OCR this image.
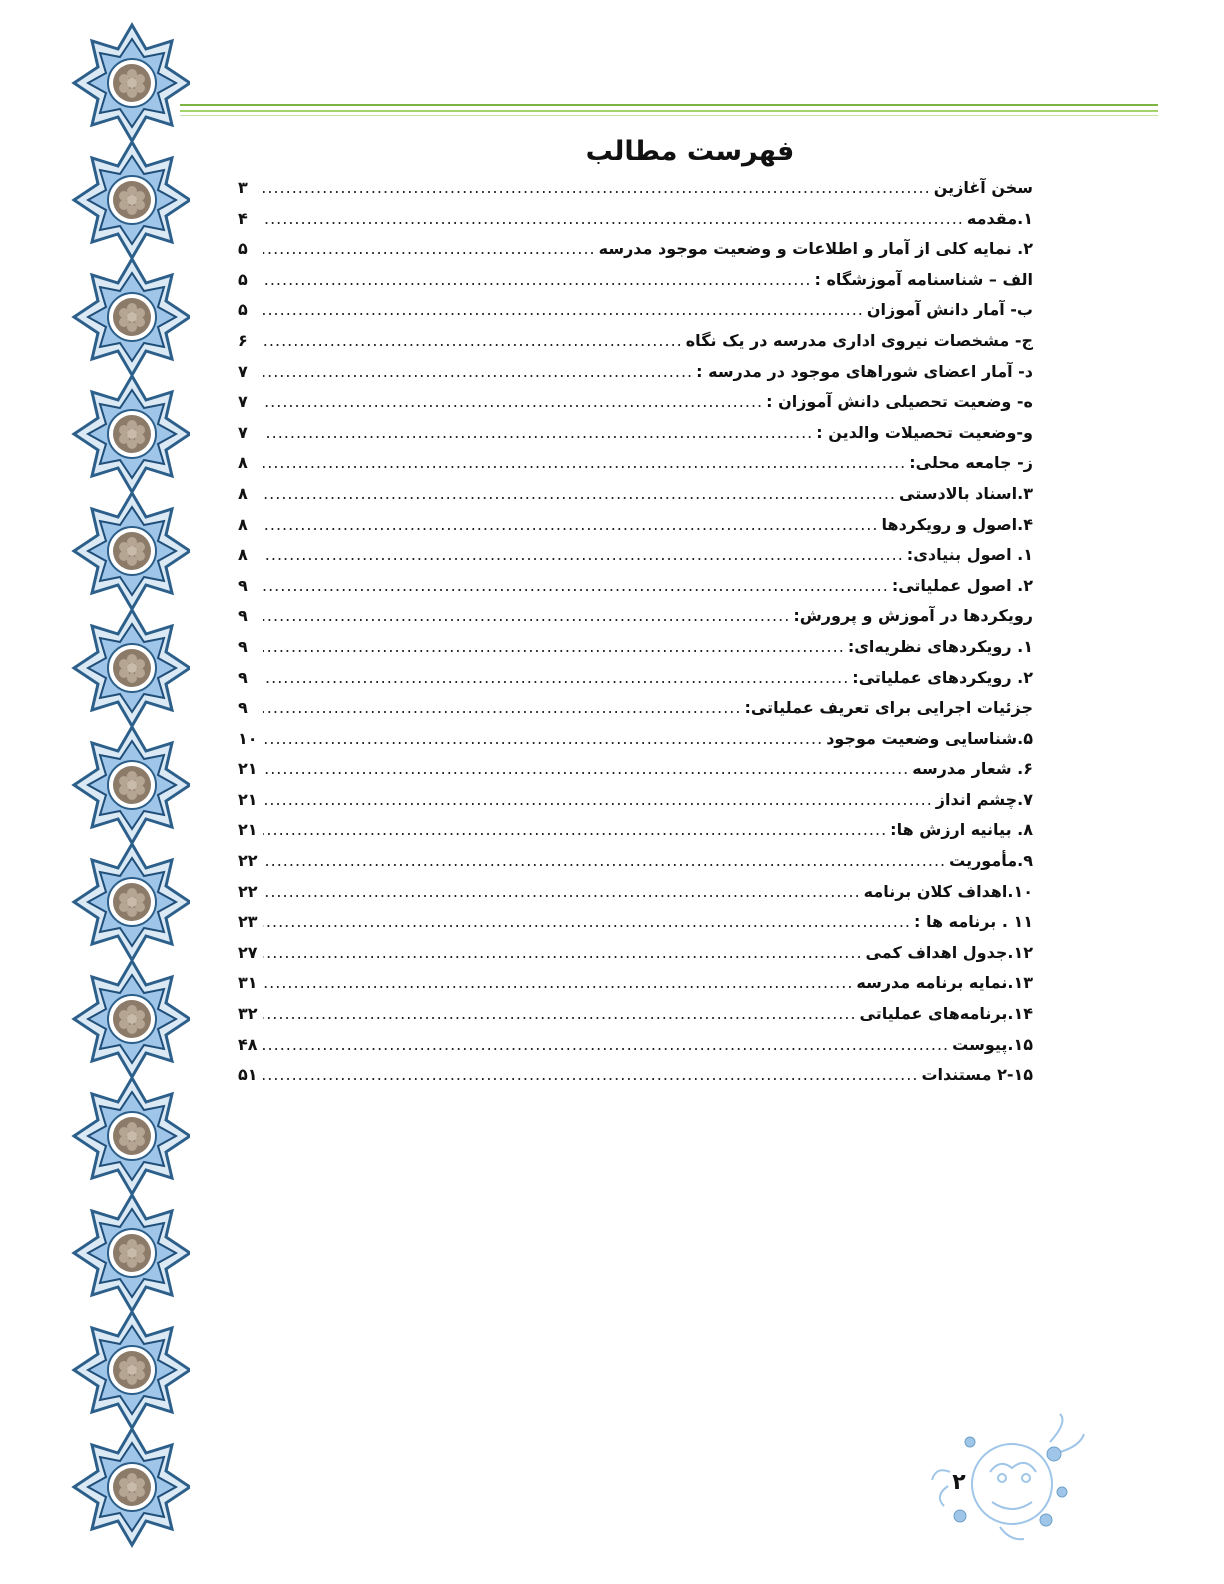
فهرست مطالب
سخن آغازین
.....
۳
۱.مقدمه
.....
۴
۲. نمایه کلی از آمار و اطلاعات و وضعیت موجود مدرسه
.....
۵
الف – شناسنامه آموزشگاه :
.....
۵
ب- آمار دانش آموزان
.....
۵
ج- مشخصات نیروی اداری مدرسه در یک نگاه
.....
۶
د- آمار اعضای شوراهای موجود در مدرسه :
.....
۷
ه- وضعیت تحصیلی دانش آموزان :
.....
۷
و-وضعیت تحصیلات والدین :
.....
۷
ز- جامعه محلی:
.....
۸
۳.اسناد بالادستی
.....
۸
۴.اصول و رویکردها
.....
۸
۱. اصول بنیادی:
.....
۸
۲. اصول عملیاتی:
.....
۹
رویکردها در آموزش و پرورش:
.....
۹
۱. رویکردهای نظریه‌ای:
.....
۹
۲. رویکردهای عملیاتی:
.....
۹
جزئیات اجرایی برای تعریف عملیاتی:
.....
۹
۵.شناسایی وضعیت موجود
.....
۱۰
۶. شعار مدرسه
.....
۲۱
۷.چشم انداز
.....
۲۱
۸. بیانیه ارزش ها:
.....
۲۱
۹.مأموریت
.....
۲۲
۱۰.اهداف کلان برنامه
.....
۲۲
۱۱ . برنامه ها :
.....
۲۳
۱۲.جدول اهداف کمی
.....
۲۷
۱۳.نمایه برنامه مدرسه
.....
۳۱
۱۴.برنامه‌های عملیاتی
.....
۳۲
۱۵.پیوست
.....
۴۸
۲-۱۵ مستندات
.....
۵۱
۲
